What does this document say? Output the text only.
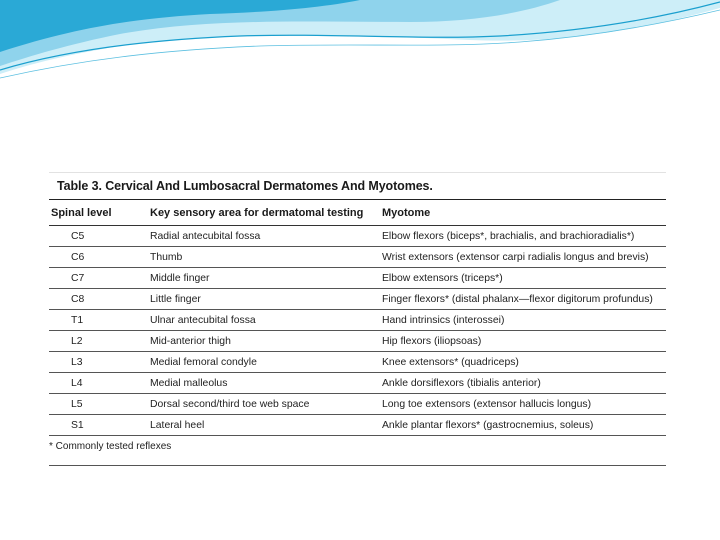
Table 3. Cervical And Lumbosacral Dermatomes And Myotomes.
Spinal level	Key sensory area for dermatomal testing	Myotome
C5	Radial antecubital fossa	Elbow flexors (biceps*, brachialis, and brachioradialis*)
C6	Thumb	Wrist extensors (extensor carpi radialis longus and brevis)
C7	Middle finger	Elbow extensors (triceps*)
C8	Little finger	Finger flexors* (distal phalanx—flexor digitorum profundus)
T1	Ulnar antecubital fossa	Hand intrinsics (interossei)
L2	Mid-anterior thigh	Hip flexors (iliopsoas)
L3	Medial femoral condyle	Knee extensors* (quadriceps)
L4	Medial malleolus	Ankle dorsiflexors (tibialis anterior)
L5	Dorsal second/third toe web space	Long toe extensors (extensor hallucis longus)
S1	Lateral heel	Ankle plantar flexors* (gastrocnemius, soleus)
* Commonly tested reflexes
